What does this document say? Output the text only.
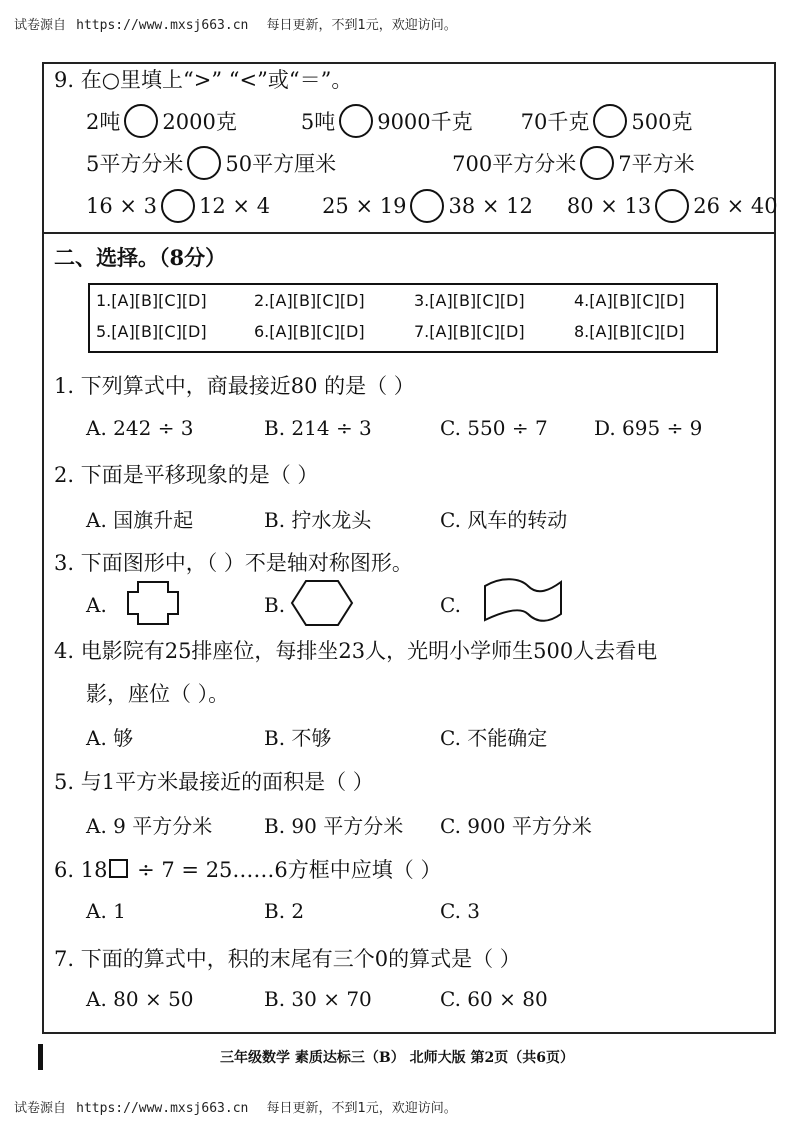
试卷源自 https://www.mxsj663.cn 每日更新，不到1元，欢迎访问。
9. 在○里填上“>” “<”或“＝”。
2吨 2000克	5吨 9000千克 70千克 500克
5平方分米 50平方厘米	700平方分米 7平方米
16 × 3 12 × 4 25 × 19 38 × 12 80 × 13 26 × 40
二、选择。（8分）
1.[A][B][C][D]	2.[A][B][C][D]	3.[A][B][C][D]	4.[A][B][C][D]
5.[A][B][C][D]	6.[A][B][C][D]	7.[A][B][C][D]	8.[A][B][C][D]
1. 下列算式中，商最接近80 的是（ ）
A. 242 ÷ 3	B. 214 ÷ 3	C. 550 ÷ 7 D. 695 ÷ 9
2. 下面是平移现象的是（ ）
A. 国旗升起	B. 拧水龙头	C. 风车的转动
3. 下面图形中，（ ）不是轴对称图形。
A.	B.	C.
4. 电影院有25排座位，每排坐23人，光明小学师生500人去看电
影，座位（ ）。
A. 够	B. 不够	C. 不能确定
5. 与1平方米最接近的面积是（ ）
A. 9 平方分米	B. 90 平方分米 C. 900 平方分米
6. 18 ÷ 7 = 25……6方框中应填（ ）
A. 1	B. 2	C. 3
7. 下面的算式中，积的末尾有三个0的算式是（ ）
A. 80 × 50	B. 30 × 70	C. 60 × 80
三年级数学 素质达标三（B） 北师大版 第2页（共6页）
试卷源自 https://www.mxsj663.cn 每日更新，不到1元，欢迎访问。
